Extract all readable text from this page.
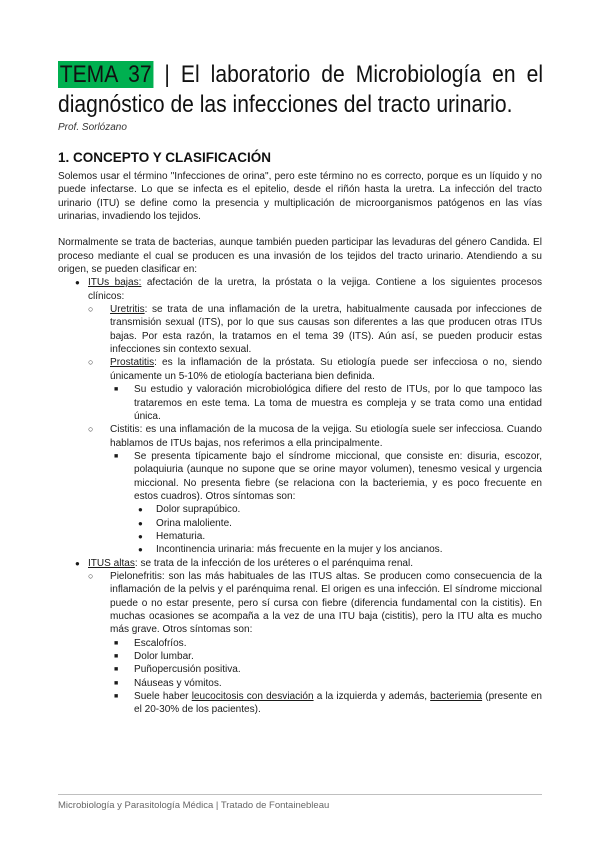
TEMA 37 | El laboratorio de Microbiología en el diagnóstico de las infecciones del tracto urinario.
Prof. Sorlózano
1. CONCEPTO Y CLASIFICACIÓN

Solemos usar el término "Infecciones de orina", pero este término no es correcto, porque es un líquido y no puede infectarse. Lo que se infecta es el epitelio, desde el riñón hasta la uretra. La infección del tracto urinario (ITU) se define como la presencia y multiplicación de microorganismos patógenos en las vías urinarias, invadiendo los tejidos.

Normalmente se trata de bacterias, aunque también pueden participar las levaduras del género Candida. El proceso mediante el cual se producen es una invasión de los tejidos del tracto urinario. Atendiendo a su origen, se pueden clasificar en:

● ITUs bajas: afectación de la uretra, la próstata o la vejiga. Contiene a los siguientes procesos clínicos:
○ Uretritis: se trata de una inflamación de la uretra, habitualmente causada por infecciones de transmisión sexual (ITS), por lo que sus causas son diferentes a las que producen otras ITUs bajas. Por esta razón, la tratamos en el tema 39 (ITS). Aún así, se pueden producir estas infecciones sin contexto sexual.
○ Prostatitis: es la inflamación de la próstata. Su etiología puede ser infecciosa o no, siendo únicamente un 5-10% de etiología bacteriana bien definida.
■ Su estudio y valoración microbiológica difiere del resto de ITUs, por lo que tampoco las trataremos en este tema. La toma de muestra es compleja y se trata como una entidad única.
○ Cistitis: es una inflamación de la mucosa de la vejiga. Su etiología suele ser infecciosa. Cuando hablamos de ITUs bajas, nos referimos a ella principalmente.
■ Se presenta típicamente bajo el síndrome miccional, que consiste en: disuria, escozor, polaquiuria (aunque no supone que se orine mayor volumen), tenesmo vesical y urgencia miccional. No presenta fiebre (se relaciona con la bacteriemia, y es poco frecuente en estos cuadros). Otros síntomas son:
● Dolor suprapúbico.
● Orina maloliente.
● Hematuria.
● Incontinencia urinaria: más frecuente en la mujer y los ancianos.
● ITUS altas: se trata de la infección de los uréteres o el parénquima renal.
○ Pielonefritis: son las más habituales de las ITUS altas. Se producen como consecuencia de la inflamación de la pelvis y el parénquima renal. El origen es una infección. El síndrome miccional puede o no estar presente, pero sí cursa con fiebre (diferencia fundamental con la cistitis). En muchas ocasiones se acompaña a la vez de una ITU baja (cistitis), pero la ITU alta es mucho más grave. Otros síntomas son:
■ Escalofríos.
■ Dolor lumbar.
■ Puñopercusión positiva.
■ Náuseas y vómitos.
■ Suele haber leucocitosis con desviación a la izquierda y además, bacteriemia (presente en el 20-30% de los pacientes).
Microbiología y Parasitología Médica | Tratado de Fontainebleau
